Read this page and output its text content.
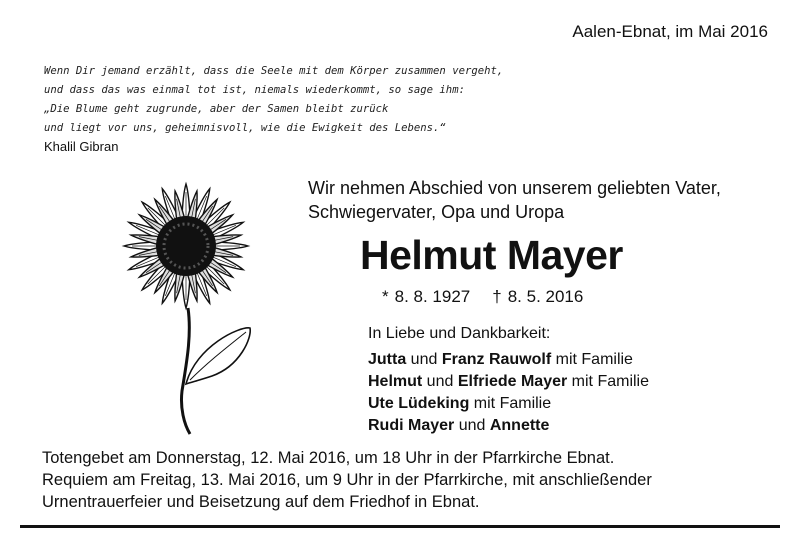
Aalen-Ebnat, im Mai 2016
Wenn Dir jemand erzählt, dass die Seele mit dem Körper zusammen vergeht,
und dass das was einmal tot ist, niemals wiederkommt, so sage ihm:
„Die Blume geht zugrunde, aber der Samen bleibt zurück
und liegt vor uns, geheimnisvoll, wie die Ewigkeit des Lebens.“
Khalil Gibran
Wir nehmen Abschied von unserem geliebten Vater,
Schwiegervater, Opa und Uropa
Helmut Mayer
* 8. 8. 1927 † 8. 5. 2016
In Liebe und Dankbarkeit:
Jutta und Franz Rauwolf mit Familie
Helmut und Elfriede Mayer mit Familie
Ute Lüdeking mit Familie
Rudi Mayer und Annette
Totengebet am Donnerstag, 12. Mai 2016, um 18 Uhr in der Pfarrkirche Ebnat.
Requiem am Freitag, 13. Mai 2016, um 9 Uhr in der Pfarrkirche, mit anschließender
Urnentrauerfeier und Beisetzung auf dem Friedhof in Ebnat.
